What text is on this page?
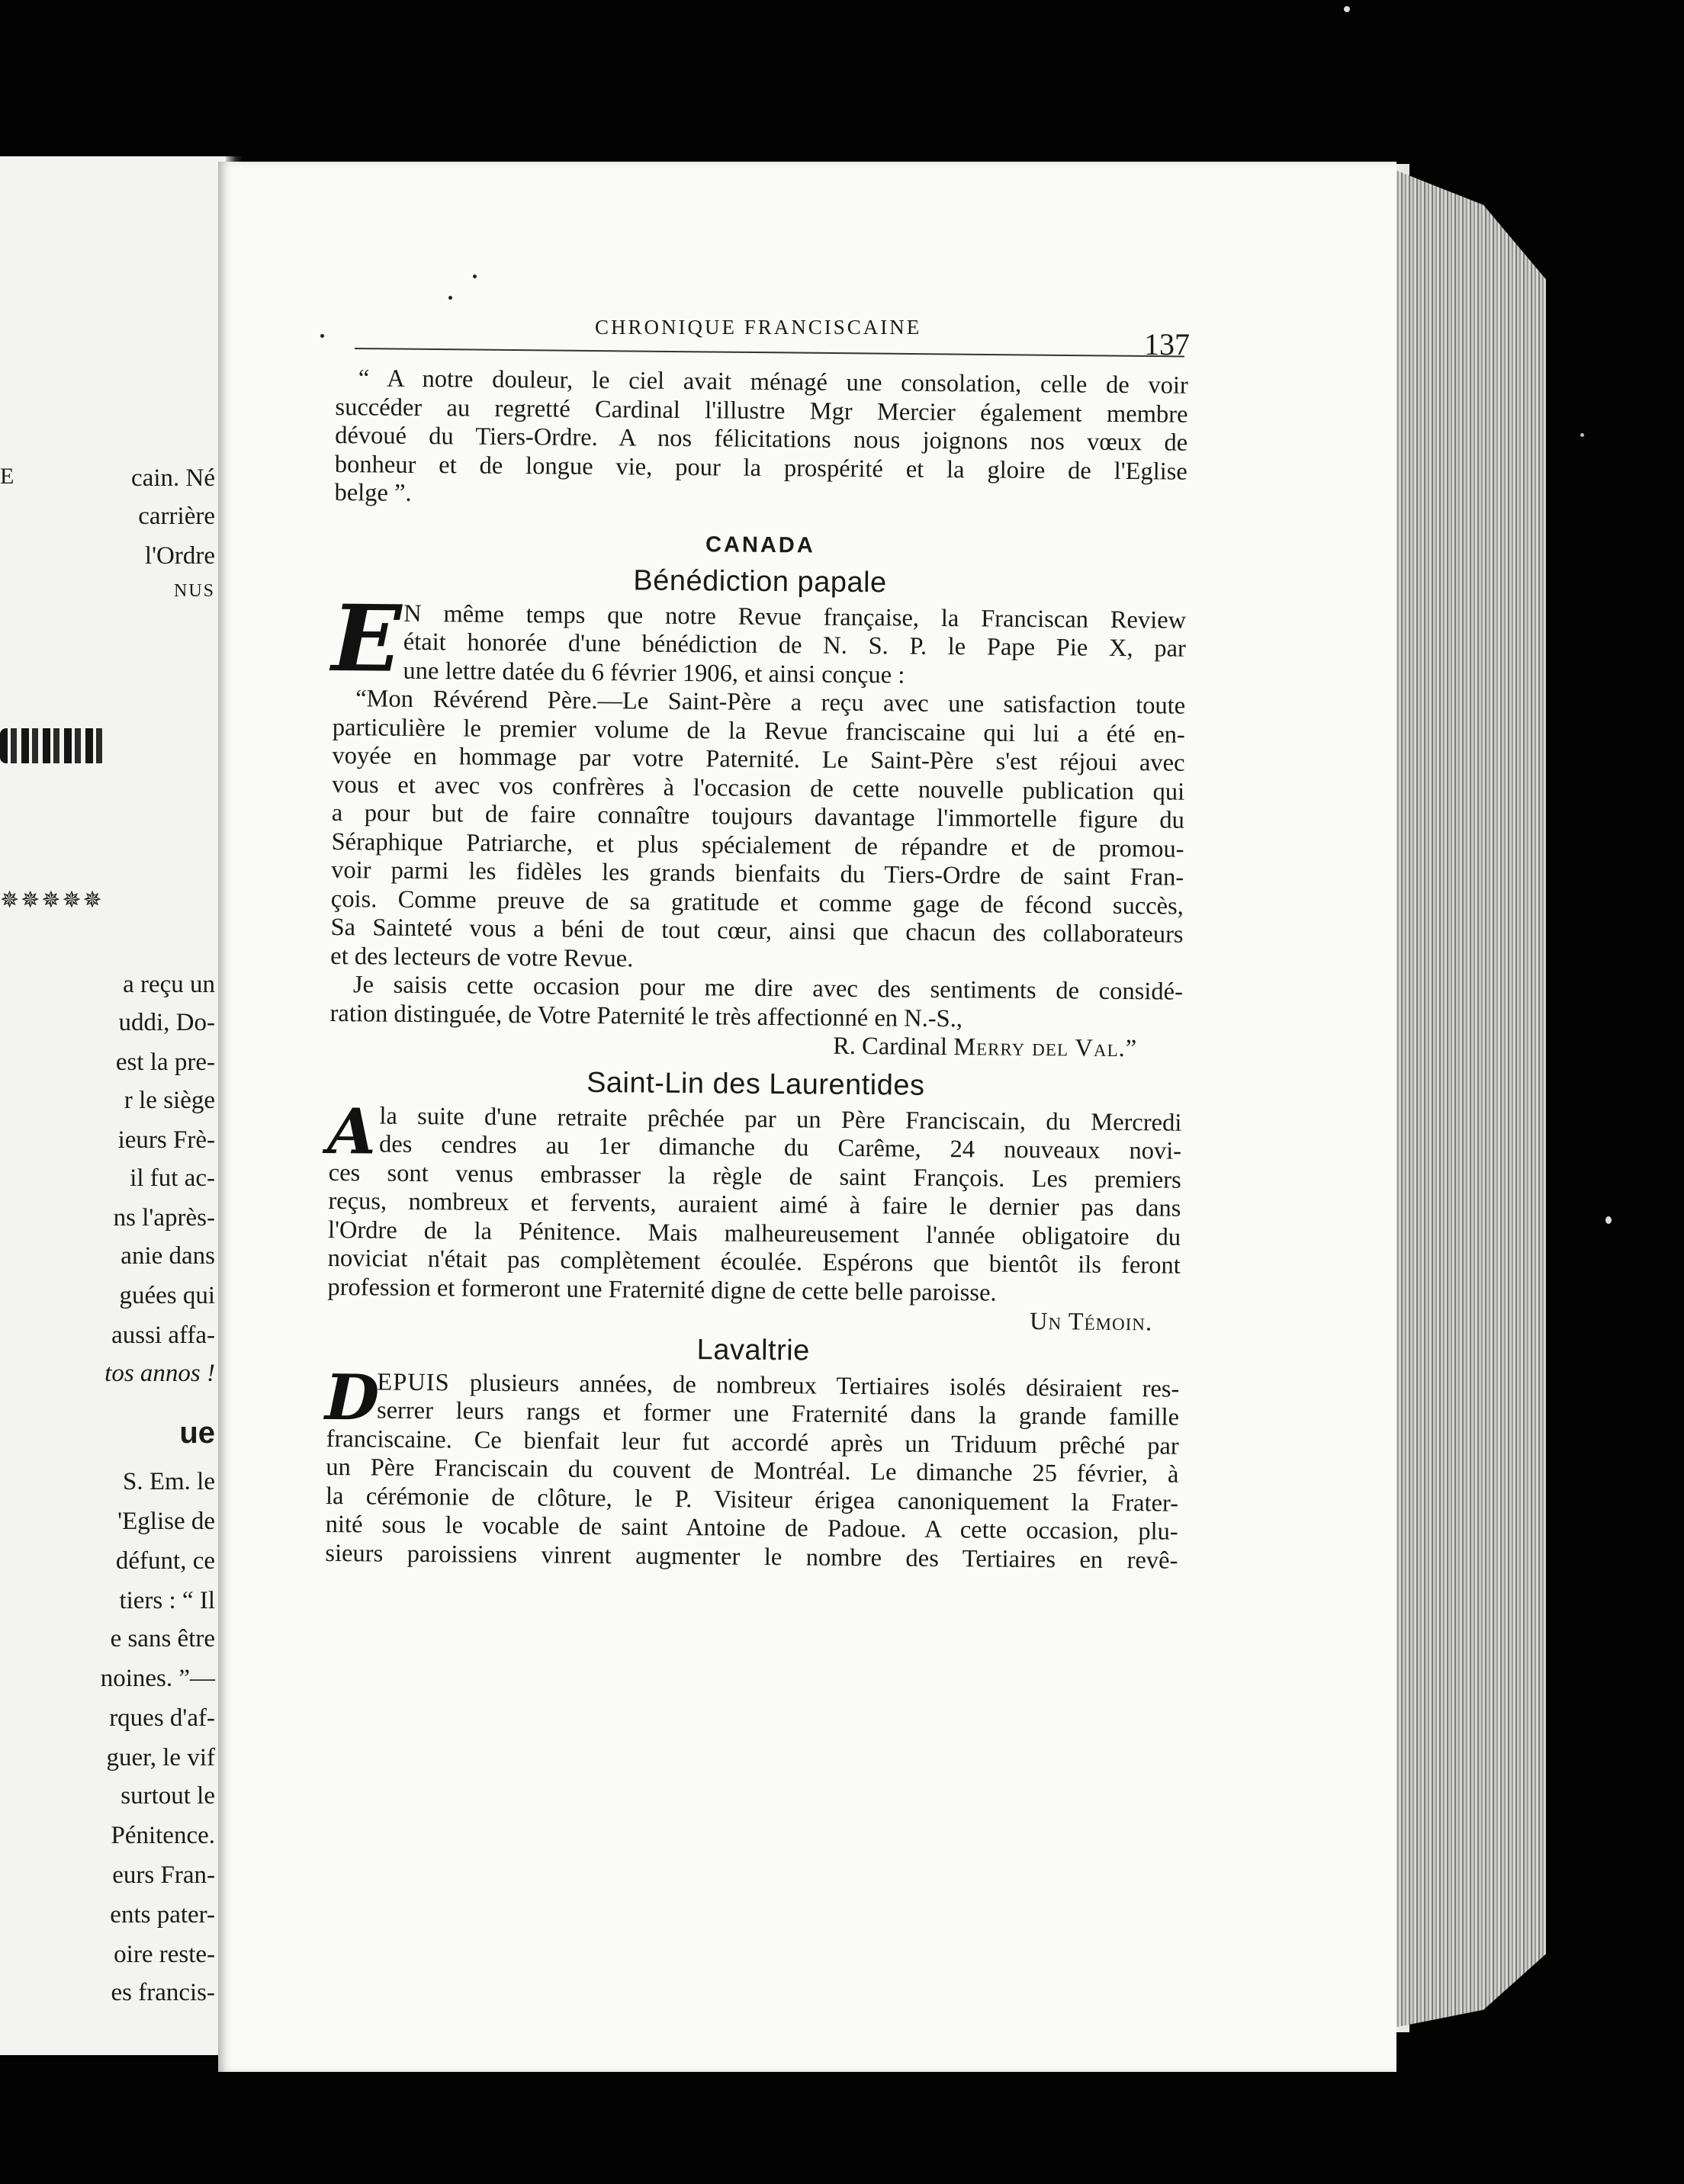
E	cain. Né
carrière
l'Ordre
NUS
a reçu un
uddi, Do-
est la pre-
r le siège
ieurs Frè-
il fut ac-
ns l'après-
anie dans
guées qui
aussi affa-
tos annos !
ue
S. Em. le
'Eglise de
défunt, ce
tiers : “ Il
e sans être
noines. ”—
rques d'af-
guer, le vif
surtout le
Pénitence.
eurs Fran-
ents pater-
oire reste-
es francis-
✵✵✵✵✵
CHRONIQUE FRANCISCAINE	137
“ A notre douleur, le ciel avait ménagé une consolation, celle de voir
succéder au regretté Cardinal l'illustre Mgr Mercier également membre
dévoué du Tiers-Ordre. A nos félicitations nous joignons nos vœux de
bonheur et de longue vie, pour la prospérité et la gloire de l'Eglise
belge ”.
CANADA
Bénédiction papale
E N même temps que notre Revue française, la Franciscan Review
était honorée d'une bénédiction de N. S. P. le Pape Pie X, par
une lettre datée du 6 février 1906, et ainsi conçue :
“Mon Révérend Père.—Le Saint-Père a reçu avec une satisfaction toute
particulière le premier volume de la Revue franciscaine qui lui a été en-
voyée en hommage par votre Paternité. Le Saint-Père s'est réjoui avec
vous et avec vos confrères à l'occasion de cette nouvelle publication qui
a pour but de faire connaître toujours davantage l'immortelle figure du
Séraphique Patriarche, et plus spécialement de répandre et de promou-
voir parmi les fidèles les grands bienfaits du Tiers-Ordre de saint Fran-
çois. Comme preuve de sa gratitude et comme gage de fécond succès,
Sa Sainteté vous a béni de tout cœur, ainsi que chacun des collaborateurs
et des lecteurs de votre Revue.
Je saisis cette occasion pour me dire avec des sentiments de considé-
ration distinguée, de Votre Paternité le très affectionné en N.-S.,
R. Cardinal Merry del Val.”
Saint-Lin des Laurentides
A la suite d'une retraite prêchée par un Père Franciscain, du Mercredi
des cendres au 1er dimanche du Carême, 24 nouveaux novi-
ces sont venus embrasser la règle de saint François. Les premiers
reçus, nombreux et fervents, auraient aimé à faire le dernier pas dans
l'Ordre de la Pénitence. Mais malheureusement l'année obligatoire du
noviciat n'était pas complètement écoulée. Espérons que bientôt ils feront
profession et formeront une Fraternité digne de cette belle paroisse.
Un Témoin.
Lavaltrie
D
EPUIS plusieurs années, de nombreux Tertiaires isolés désiraient res-
serrer leurs rangs et former une Fraternité dans la grande famille
franciscaine. Ce bienfait leur fut accordé après un Triduum prêché par
un Père Franciscain du couvent de Montréal. Le dimanche 25 février, à
la cérémonie de clôture, le P. Visiteur érigea canoniquement la Frater-
nité sous le vocable de saint Antoine de Padoue. A cette occasion, plu-
sieurs paroissiens vinrent augmenter le nombre des Tertiaires en revê-
